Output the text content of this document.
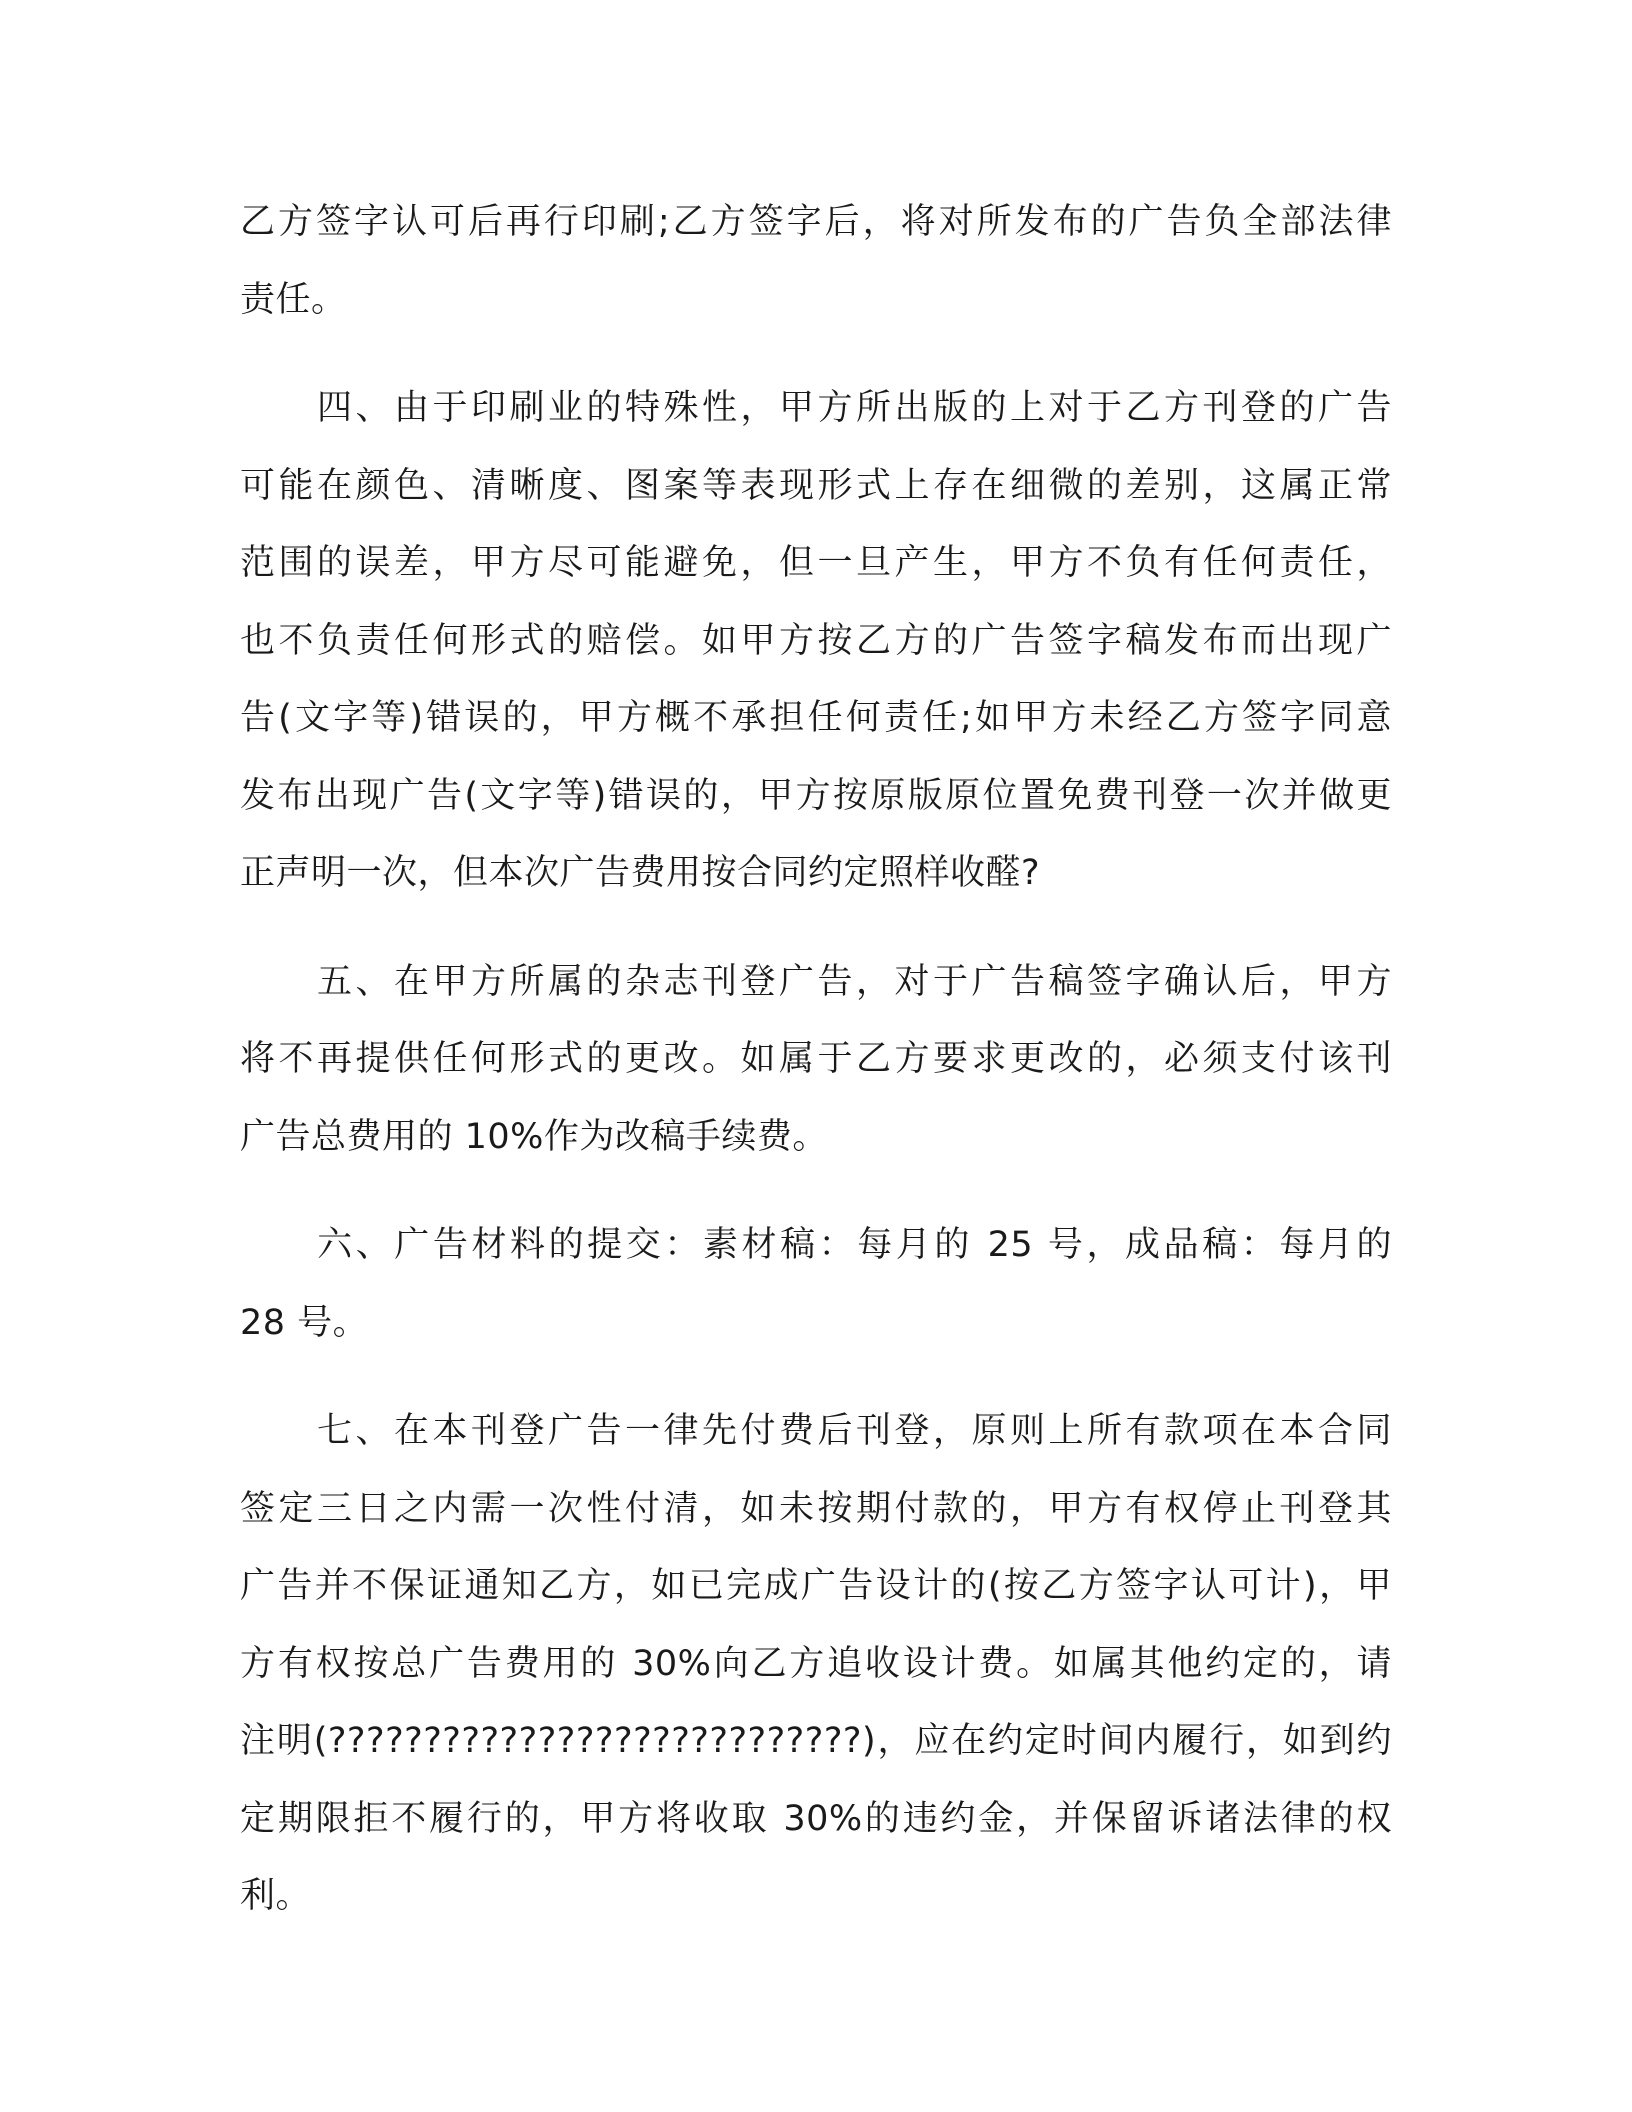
乙方签字认可后再行印刷;乙方签字后，将对所发布的广告负全部法律
责任。
　　四、由于印刷业的特殊性，甲方所出版的上对于乙方刊登的广告
可能在颜色、清晰度、图案等表现形式上存在细微的差别，这属正常
范围的误差，甲方尽可能避免，但一旦产生，甲方不负有任何责任，
也不负责任何形式的赔偿。如甲方按乙方的广告签字稿发布而出现广
告(文字等)错误的，甲方概不承担任何责任;如甲方未经乙方签字同意
发布出现广告(文字等)错误的，甲方按原版原位置免费刊登一次并做更
正声明一次，但本次广告费用按合同约定照样收醛?
　　五、在甲方所属的杂志刊登广告，对于广告稿签字确认后，甲方
将不再提供任何形式的更改。如属于乙方要求更改的，必须支付该刊
广告总费用的 10%作为改稿手续费。
　　六、广告材料的提交：素材稿：每月的 25 号，成品稿：每月的
28 号。
　　七、在本刊登广告一律先付费后刊登，原则上所有款项在本合同
签定三日之内需一次性付清，如未按期付款的，甲方有权停止刊登其
广告并不保证通知乙方，如已完成广告设计的(按乙方签字认可计)，甲
方有权按总广告费用的 30%向乙方追收设计费。如属其他约定的，请
注明(????????????????????????????)，应在约定时间内履行，如到约
定期限拒不履行的，甲方将收取 30%的违约金，并保留诉诸法律的权
利。
